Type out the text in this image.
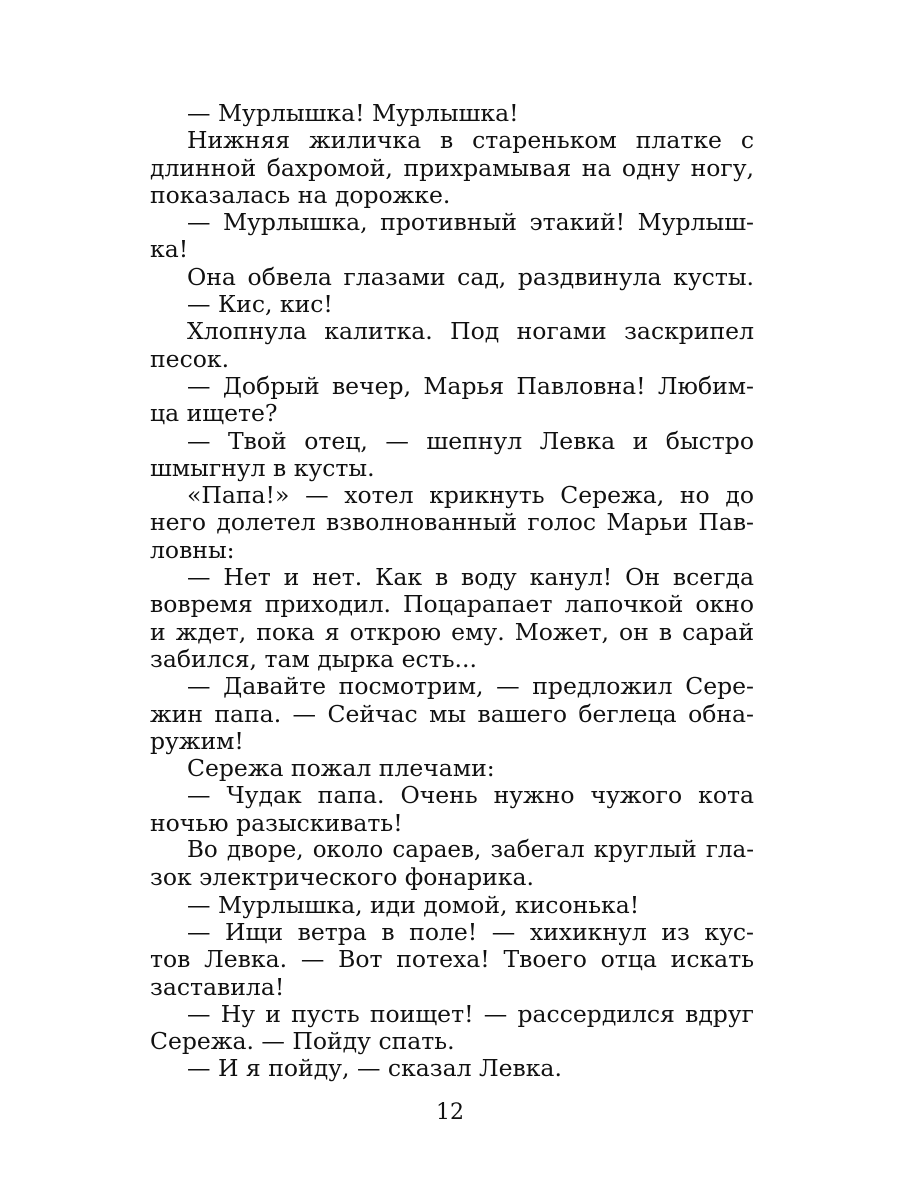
— Мурлышка! Мурлышка!
Нижняя жиличка в стареньком платке с
длинной бахромой, прихрамывая на одну ногу,
показалась на дорожке.
— Мурлышка, противный этакий! Мурлыш-
ка!
Она обвела глазами сад, раздвинула кусты.
— Кис, кис!
Хлопнула калитка. Под ногами заскрипел
песок.
— Добрый вечер, Марья Павловна! Любим-
ца ищете?
— Твой отец, — шепнул Левка и быстро
шмыгнул в кусты.
«Папа!» — хотел крикнуть Сережа, но до
него долетел взволнованный голос Марьи Пав-
ловны:
— Нет и нет. Как в воду канул! Он всегда
вовремя приходил. Поцарапает лапочкой окно
и ждет, пока я открою ему. Может, он в сарай
забился, там дырка есть...
— Давайте посмотрим, — предложил Сере-
жин папа. — Сейчас мы вашего беглеца обна-
ружим!
Сережа пожал плечами:
— Чудак папа. Очень нужно чужого кота
ночью разыскивать!
Во дворе, около сараев, забегал круглый гла-
зок электрического фонарика.
— Мурлышка, иди домой, кисонька!
— Ищи ветра в поле! — хихикнул из кус-
тов Левка. — Вот потеха! Твоего отца искать
заставила!
— Ну и пусть поищет! — рассердился вдруг
Сережа. — Пойду спать.
— И я пойду, — сказал Левка.
12
